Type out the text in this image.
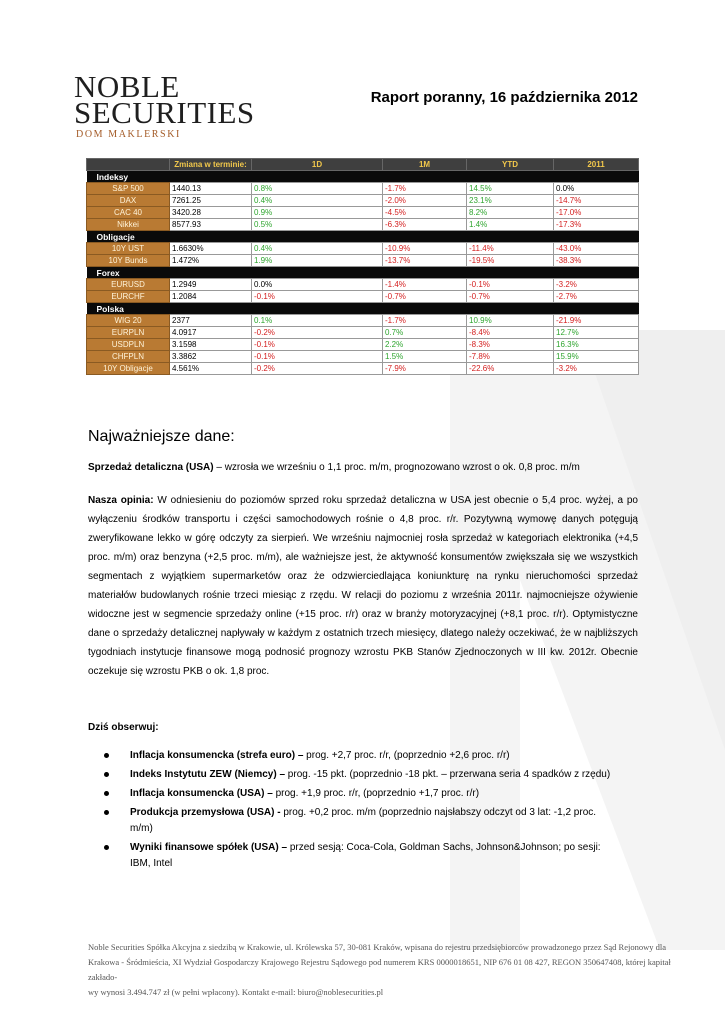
NOBLE
SECURITIES
DOM MAKLERSKI
Raport poranny, 16 października 2012
	Zmiana w terminie:	1D	1M	YTD	2011
Indeksy					
S&P 500	1440.13	0.8%	-1.7%	14.5%	0.0%
DAX	7261.25	0.4%	-2.0%	23.1%	-14.7%
CAC 40	3420.28	0.9%	-4.5%	8.2%	-17.0%
Nikkei	8577.93	0.5%	-6.3%	1.4%	-17.3%
Obligacje					
10Y UST	1.6630%	0.4%	-10.9%	-11.4%	-43.0%
10Y Bunds	1.472%	1.9%	-13.7%	-19.5%	-38.3%
Forex					
EURUSD	1.2949	0.0%	-1.4%	-0.1%	-3.2%
EURCHF	1.2084	-0.1%	-0.7%	-0.7%	-2.7%
Polska					
WIG 20	2377	0.1%	-1.7%	10.9%	-21.9%
EURPLN	4.0917	-0.2%	0.7%	-8.4%	12.7%
USDPLN	3.1598	-0.1%	2.2%	-8.3%	16.3%
CHFPLN	3.3862	-0.1%	1.5%	-7.8%	15.9%
10Y Obligacje	4.561%	-0.2%	-7.9%	-22.6%	-3.2%
Najważniejsze dane:
Sprzedaż detaliczna (USA) – wzrosła we wrześniu o 1,1 proc. m/m, prognozowano wzrost o ok. 0,8 proc. m/m
Nasza opinia: W odniesieniu do poziomów sprzed roku sprzedaż detaliczna w USA jest obecnie o 5,4 proc. wyżej, a po wyłączeniu środków transportu i części samochodowych rośnie o 4,8 proc. r/r. Pozytywną wymowę danych potęgują zweryfikowane lekko w górę odczyty za sierpień. We wrześniu najmocniej rosła sprzedaż w kategoriach elektronika (+4,5 proc. m/m) oraz benzyna (+2,5 proc. m/m), ale ważniejsze jest, że aktywność konsumentów zwiększała się we wszystkich segmentach z wyjątkiem supermarketów oraz że odzwierciedlająca koniunkturę na rynku nieruchomości sprzedaż materiałów budowlanych rośnie trzeci miesiąc z rzędu. W relacji do poziomu z września 2011r. najmocniejsze ożywienie widoczne jest w segmencie sprzedaży online (+15 proc. r/r) oraz w branży motoryzacyjnej (+8,1 proc. r/r). Optymistyczne dane o sprzedaży detalicznej napływały w każdym z ostatnich trzech miesięcy, dlatego należy oczekiwać, że w najbliższych tygodniach instytucje finansowe mogą podnosić prognozy wzrostu PKB Stanów Zjednoczonych w III kw. 2012r. Obecnie oczekuje się wzrostu PKB o ok. 1,8 proc.
Dziś obserwuj:
Inflacja konsumencka (strefa euro) – prog. +2,7 proc. r/r, (poprzednio +2,6 proc. r/r)
Indeks Instytutu ZEW (Niemcy) – prog. -15 pkt. (poprzednio -18 pkt. – przerwana seria 4 spadków z rzędu)
Inflacja konsumencka (USA) – prog. +1,9 proc. r/r, (poprzednio +1,7 proc. r/r)
Produkcja przemysłowa (USA) - prog. +0,2 proc. m/m (poprzednio najsłabszy odczyt od 3 lat: -1,2 proc. m/m)
Wyniki finansowe spółek (USA) – przed sesją: Coca-Cola, Goldman Sachs, Johnson&Johnson; po sesji: IBM, Intel
Noble Securities Spółka Akcyjna z siedzibą w Krakowie, ul. Królewska 57, 30-081 Kraków, wpisana do rejestru przedsiębiorców prowadzonego przez Sąd Rejonowy dla
Krakowa - Śródmieścia, XI Wydział Gospodarczy Krajowego Rejestru Sądowego pod numerem KRS 0000018651, NIP 676 01 08 427, REGON 350647408, której kapitał zakłado-
wy wynosi 3.494.747 zł (w pełni wpłacony). Kontakt e-mail: biuro@noblesecurities.pl
